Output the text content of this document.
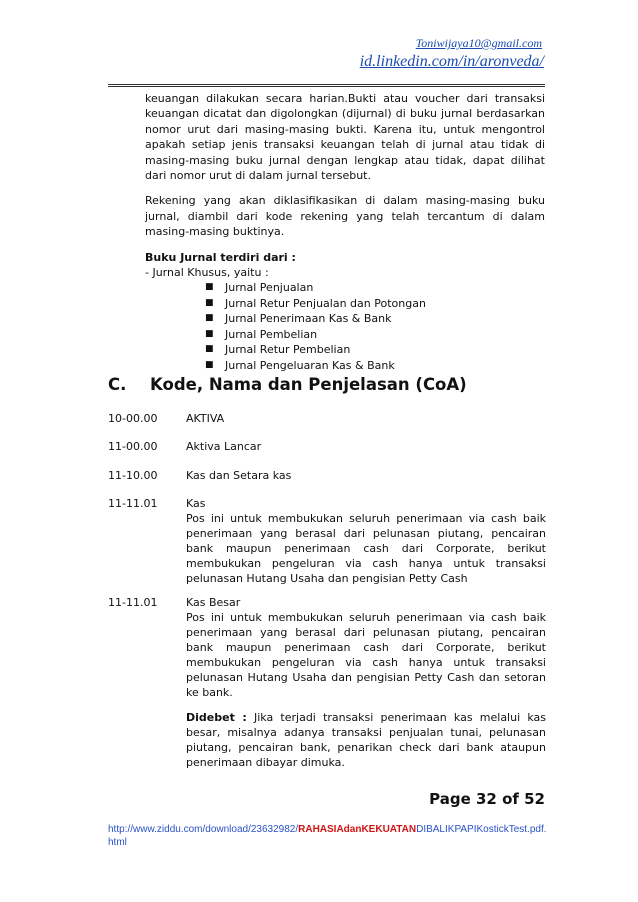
Toniwijaya10@gmail.com
id.linkedin.com/in/aronveda/

keuangan dilakukan secara harian.Bukti atau voucher dari transaksi keuangan dicatat dan digolongkan (dijurnal) di buku jurnal berdasarkan nomor urut dari masing-masing bukti. Karena itu, untuk mengontrol apakah setiap jenis transaksi keuangan telah di jurnal atau tidak di masing-masing buku jurnal dengan lengkap atau tidak, dapat dilihat dari nomor urut di dalam jurnal tersebut.

Rekening yang akan diklasifikasikan di dalam masing-masing buku jurnal, diambil dari kode rekening yang telah tercantum di dalam masing-masing buktinya.

Buku Jurnal terdiri dari :
- Jurnal Khusus, yaitu :
■ Jurnal Penjualan
■ Jurnal Retur Penjualan dan Potongan
■ Jurnal Penerimaan Kas & Bank
■ Jurnal Pembelian
■ Jurnal Retur Pembelian
■ Jurnal Pengeluaran Kas & Bank
C. Kode, Nama dan Penjelasan (CoA)
10-00.00	AKTIVA

11-00.00	Aktiva Lancar

11-10.00	Kas dan Setara kas

11-11.01	Kas

Pos ini untuk membukukan seluruh penerimaan via cash baik penerimaan yang berasal dari pelunasan piutang, pencairan bank maupun penerimaan cash dari Corporate, berikut membukukan pengeluran via cash hanya untuk transaksi pelunasan Hutang Usaha dan pengisian Petty Cash

11-11.01	Kas Besar

Pos ini untuk membukukan seluruh penerimaan via cash baik penerimaan yang berasal dari pelunasan piutang, pencairan bank maupun penerimaan cash dari Corporate, berikut membukukan pengeluran via cash hanya untuk transaksi pelunasan Hutang Usaha dan pengisian Petty Cash dan setoran ke bank.

Didebet : Jika terjadi transaksi penerimaan kas melalui kas besar, misalnya adanya transaksi penjualan tunai, pelunasan piutang, pencairan bank, penarikan check dari bank ataupun penerimaan dibayar dimuka.

Page 32 of 52
http://www.ziddu.com/download/23632982/RAHASIAdanKEKUATANDIBALIKPAPIKostickTest.pdf.html
